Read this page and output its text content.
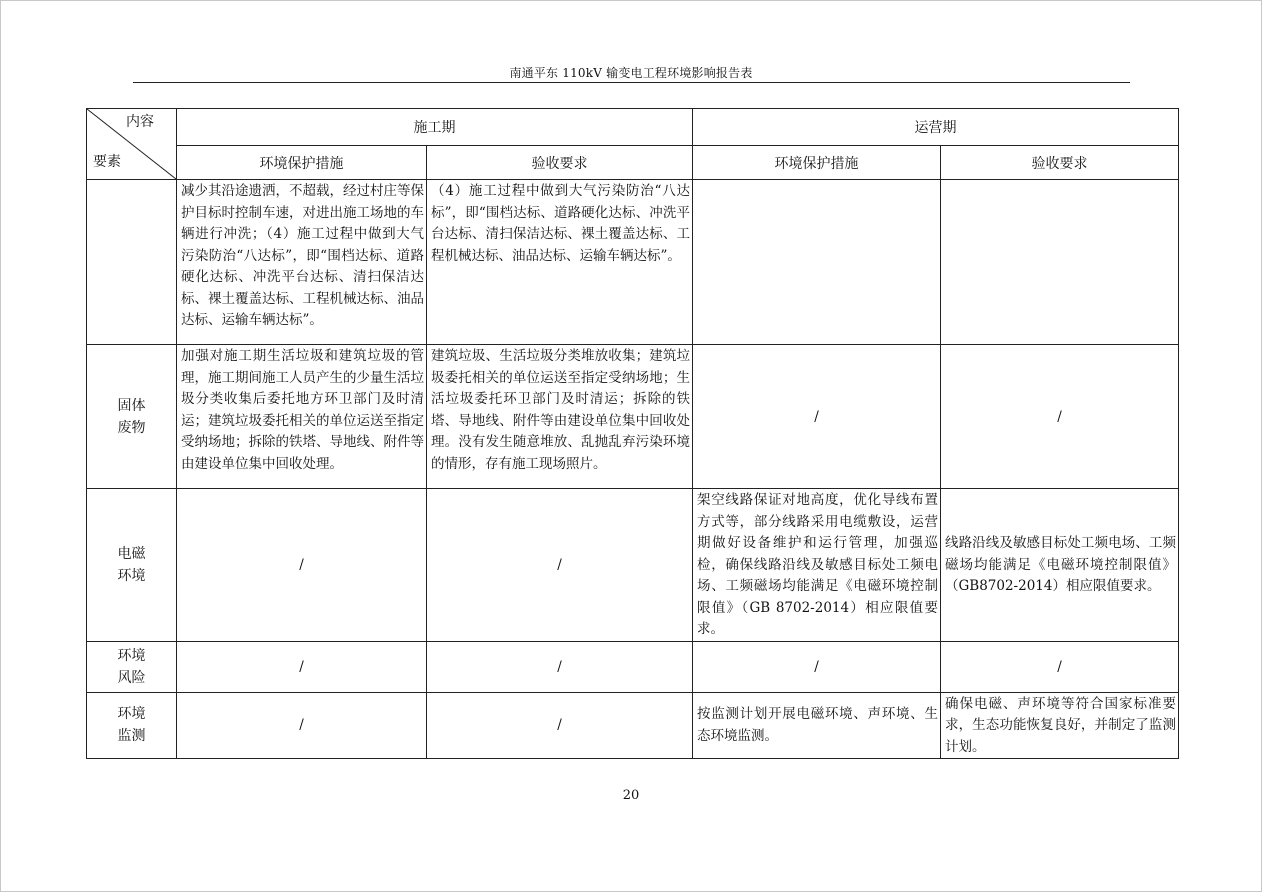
南通平东 110kV 输变电工程环境影响报告表
内容
要素	施工期		运营期	
	环境保护措施	验收要求	环境保护措施	验收要求

	减少其沿途遗洒，不超载，经过村庄等保护目标时控制车速，对进出施工场地的车辆进行冲洗；（4）施工过程中做到大气污染防治“八达标”，即“围档达标、道路硬化达标、冲洗平台达标、清扫保洁达标、裸土覆盖达标、工程机械达标、油品达标、运输车辆达标”。	（4）施工过程中做到大气污染防治“八达标”，即“围档达标、道路硬化达标、冲洗平台达标、清扫保洁达标、裸土覆盖达标、工程机械达标、油品达标、运输车辆达标”。		

固体
废物	加强对施工期生活垃圾和建筑垃圾的管理，施工期间施工人员产生的少量生活垃圾分类收集后委托地方环卫部门及时清运；建筑垃圾委托相关的单位运送至指定受纳场地；拆除的铁塔、导地线、附件等由建设单位集中回收处理。	建筑垃圾、生活垃圾分类堆放收集；建筑垃圾委托相关的单位运送至指定受纳场地；生活垃圾委托环卫部门及时清运；拆除的铁塔、导地线、附件等由建设单位集中回收处理。没有发生随意堆放、乱抛乱弃污染环境的情形，存有施工现场照片。	/	/

电磁
环境	/	/	架空线路保证对地高度，优化导线布置方式等，部分线路采用电缆敷设，运营期做好设备维护和运行管理，加强巡检，确保线路沿线及敏感目标处工频电场、工频磁场均能满足《电磁环境控制限值》（GB 8702-2014）相应限值要求。	线路沿线及敏感目标处工频电场、工频磁场均能满足《电磁环境控制限值》（GB8702-2014）相应限值要求。

环境
风险	/	/	/	/

环境
监测	/	/	按监测计划开展电磁环境、声环境、生态环境监测。	确保电磁、声环境等符合国家标准要求，生态功能恢复良好，并制定了监测计划。
20
